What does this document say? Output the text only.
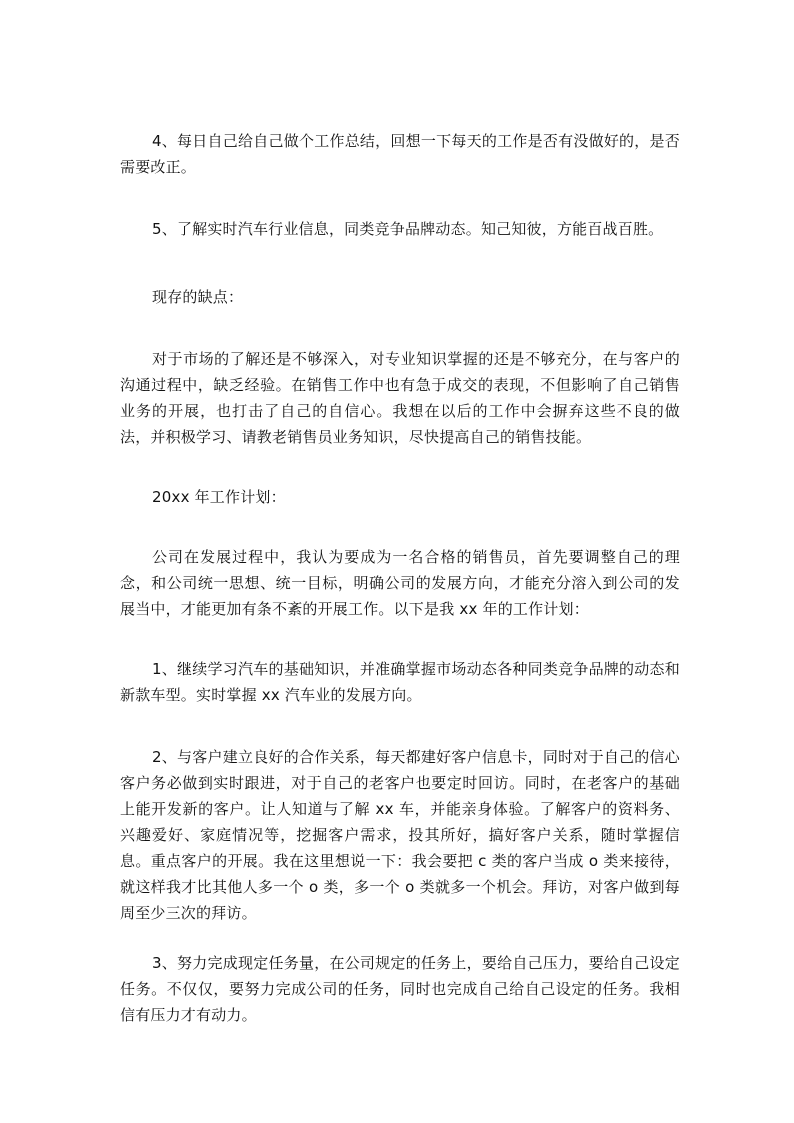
4、每日自己给自己做个工作总结，回想一下每天的工作是否有没做好的，是否需要改正。

5、了解实时汽车行业信息，同类竞争品牌动态。知己知彼，方能百战百胜。

现存的缺点：

对于市场的了解还是不够深入，对专业知识掌握的还是不够充分，在与客户的沟通过程中，缺乏经验。在销售工作中也有急于成交的表现，不但影响了自己销售业务的开展，也打击了自己的自信心。我想在以后的工作中会摒弃这些不良的做法，并积极学习、请教老销售员业务知识，尽快提高自己的销售技能。

20xx 年工作计划：

公司在发展过程中，我认为要成为一名合格的销售员，首先要调整自己的理念，和公司统一思想、统一目标，明确公司的发展方向，才能充分溶入到公司的发展当中，才能更加有条不紊的开展工作。以下是我 xx 年的工作计划：

1、继续学习汽车的基础知识，并准确掌握市场动态各种同类竞争品牌的动态和新款车型。实时掌握 xx 汽车业的发展方向。

2、与客户建立良好的合作关系，每天都建好客户信息卡，同时对于自己的信心客户务必做到实时跟进，对于自己的老客户也要定时回访。同时，在老客户的基础上能开发新的客户。让人知道与了解 xx 车，并能亲身体验。了解客户的资料务、兴趣爱好、家庭情况等，挖掘客户需求，投其所好，搞好客户关系，随时掌握信息。重点客户的开展。我在这里想说一下：我会要把 c 类的客户当成 o 类来接待，就这样我才比其他人多一个 o 类，多一个 o 类就多一个机会。拜访，对客户做到每周至少三次的拜访。

3、努力完成现定任务量，在公司规定的任务上，要给自己压力，要给自己设定任务。不仅仅，要努力完成公司的任务，同时也完成自己给自己设定的任务。我相信有压力才有动力。
